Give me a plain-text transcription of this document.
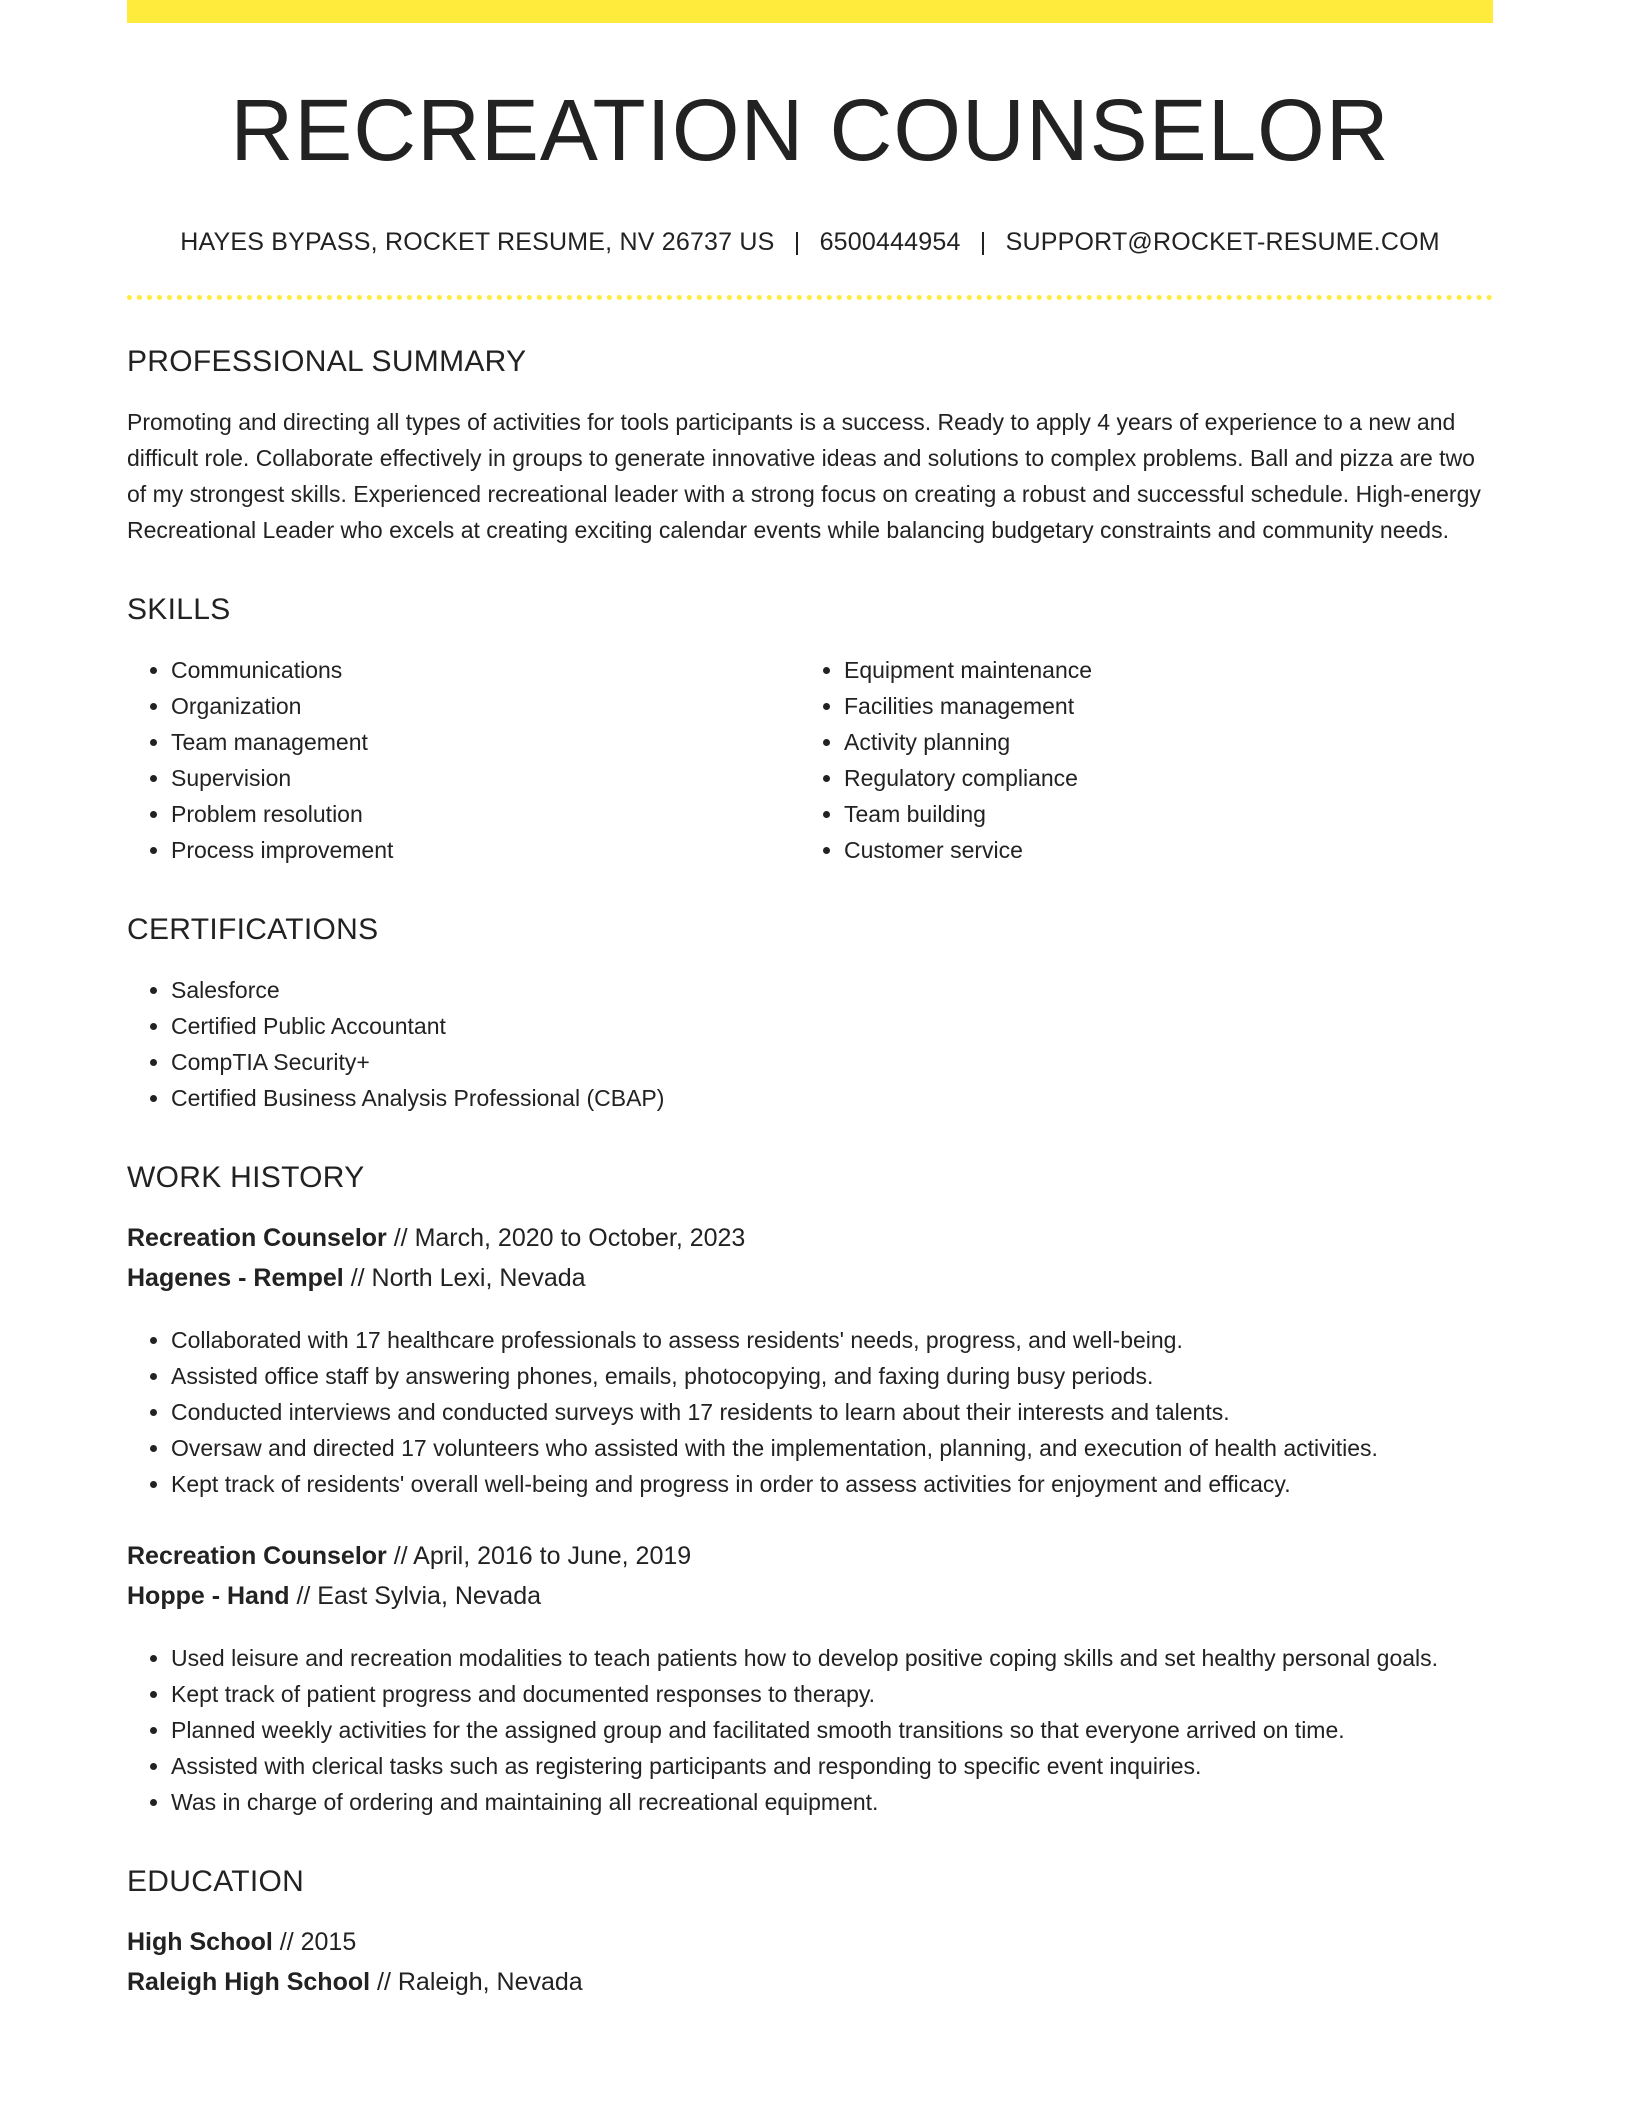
RECREATION COUNSELOR
HAYES BYPASS, ROCKET RESUME, NV 26737 US | 6500444954 | SUPPORT@ROCKET-RESUME.COM
PROFESSIONAL SUMMARY

Promoting and directing all types of activities for tools participants is a success. Ready to apply 4 years of experience to a new and difficult role. Collaborate effectively in groups to generate innovative ideas and solutions to complex problems. Ball and pizza are two of my strongest skills. Experienced recreational leader with a strong focus on creating a robust and successful schedule. High-energy Recreational Leader who excels at creating exciting calendar events while balancing budgetary constraints and community needs.

SKILLS
• Communications
• Organization
• Team management
• Supervision
• Problem resolution
• Process improvement
• Equipment maintenance
• Facilities management
• Activity planning
• Regulatory compliance
• Team building
• Customer service
CERTIFICATIONS
• Salesforce
• Certified Public Accountant
• CompTIA Security+
• Certified Business Analysis Professional (CBAP)
WORK HISTORY
Recreation Counselor // March, 2020 to October, 2023
Hagenes - Rempel // North Lexi, Nevada
• Collaborated with 17 healthcare professionals to assess residents' needs, progress, and well-being.
• Assisted office staff by answering phones, emails, photocopying, and faxing during busy periods.
• Conducted interviews and conducted surveys with 17 residents to learn about their interests and talents.
• Oversaw and directed 17 volunteers who assisted with the implementation, planning, and execution of health activities.
• Kept track of residents' overall well-being and progress in order to assess activities for enjoyment and efficacy.
Recreation Counselor // April, 2016 to June, 2019
Hoppe - Hand // East Sylvia, Nevada
• Used leisure and recreation modalities to teach patients how to develop positive coping skills and set healthy personal goals.
• Kept track of patient progress and documented responses to therapy.
• Planned weekly activities for the assigned group and facilitated smooth transitions so that everyone arrived on time.
• Assisted with clerical tasks such as registering participants and responding to specific event inquiries.
• Was in charge of ordering and maintaining all recreational equipment.
EDUCATION
High School // 2015
Raleigh High School // Raleigh, Nevada
